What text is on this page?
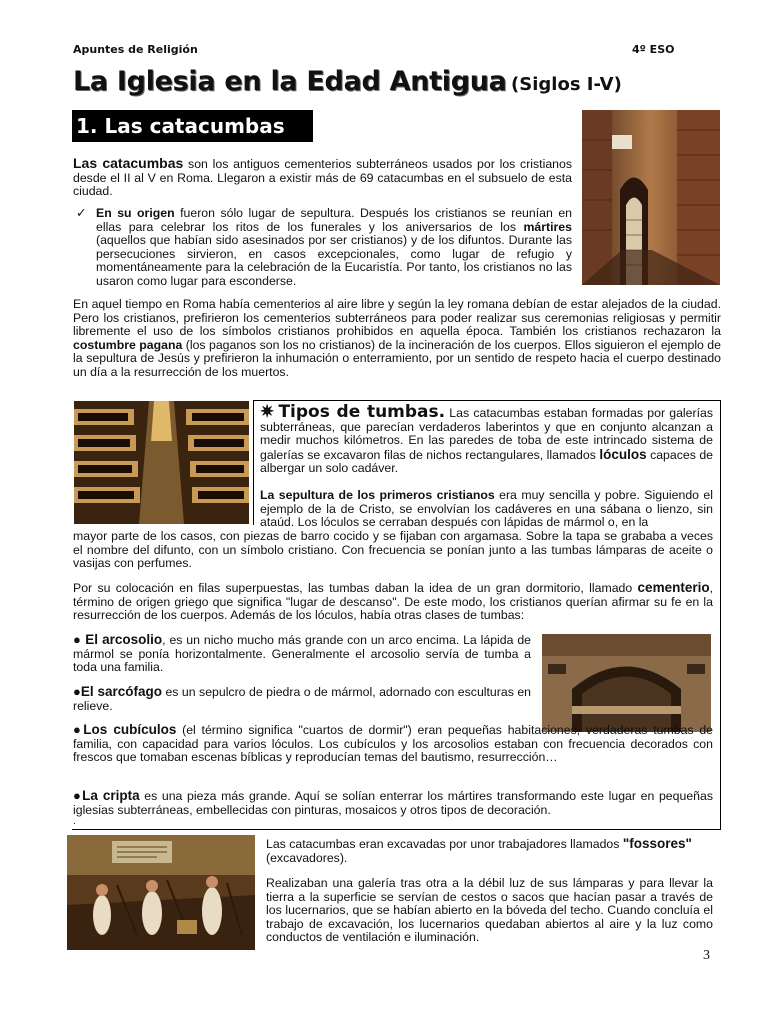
Apuntes de Religión	4º ESO
La Iglesia en la Edad Antigua (Siglos I-V)
1. Las catacumbas
Las catacumbas son los antiguos cementerios subterráneos usados por los cristianos desde el II al V en Roma. Llegaron a existir más de 69 catacumbas en el subsuelo de esta ciudad.
✓ En su origen fueron sólo lugar de sepultura. Después los cristianos se reunían en ellas para celebrar los ritos de los funerales y los aniversarios de los mártires (aquellos que habían sido asesinados por ser cristianos) y de los difuntos. Durante las persecuciones sirvieron, en casos excepcionales, como lugar de refugio y momentáneamente para la celebración de la Eucaristía. Por tanto, los cristianos no las usaron como lugar para esconderse.
En aquel tiempo en Roma había cementerios al aire libre y según la ley romana debían de estar alejados de la ciudad. Pero los cristianos, prefirieron los cementerios subterráneos para poder realizar sus ceremonias religiosas y permitir libremente el uso de los símbolos cristianos prohibidos en aquella época. También los cristianos rechazaron la costumbre pagana (los paganos son los no cristianos) de la incineración de los cuerpos. Ellos siguieron el ejemplo de la sepultura de Jesús y prefirieron la inhumación o enterramiento, por un sentido de respeto hacia el cuerpo destinado un día a la resurrección de los muertos.
✷ Tipos de tumbas. Las catacumbas estaban formadas por galerías subterráneas, que parecían verdaderos laberintos y que en conjunto alcanzan a medir muchos kilómetros. En las paredes de toba de este intrincado sistema de galerías se excavaron filas de nichos rectangulares, llamados lóculos capaces de albergar un solo cadáver.
La sepultura de los primeros cristianos era muy sencilla y pobre. Siguiendo el ejemplo de la de Cristo, se envolvían los cadáveres en una sábana o lienzo, sin ataúd. Los lóculos se cerraban después con lápidas de mármol o, en la
mayor parte de los casos, con piezas de barro cocido y se fijaban con argamasa. Sobre la tapa se grababa a veces el nombre del difunto, con un símbolo cristiano. Con frecuencia se ponían junto a las tumbas lámparas de aceite o vasijas con perfumes.
Por su colocación en filas superpuestas, las tumbas daban la idea de un gran dormitorio, llamado cementerio, término de origen griego que significa "lugar de descanso". De este modo, los cristianos querían afirmar su fe en la resurrección de los cuerpos. Además de los lóculos, había otras clases de tumbas:
● El arcosolio, es un nicho mucho más grande con un arco encima. La lápida de mármol se ponía horizontalmente. Generalmente el arcosolio servía de tumba a toda una familia.
●El sarcófago es un sepulcro de piedra o de mármol, adornado con esculturas en relieve.
●Los cubículos (el término significa "cuartos de dormir") eran pequeñas habitaciones, verdaderas tumbas de familia, con capacidad para varios lóculos. Los cubículos y los arcosolios estaban con frecuencia decorados con frescos que tomaban escenas bíblicas y reproducían temas del bautismo, resurrección…
●La cripta es una pieza más grande. Aquí se solían enterrar los mártires transformando este lugar en pequeñas iglesias subterráneas, embellecidas con pinturas, mosaicos y otros tipos de decoración.
.
Las catacumbas eran excavadas por unor trabajadores llamados "fossores" (excavadores).
Realizaban una galería tras otra a la débil luz de sus lámparas y para llevar la tierra a la superficie se servían de cestos o sacos que hacían pasar a través de los lucernarios, que se habían abierto en la bóveda del techo. Cuando concluía el trabajo de excavación, los lucernarios quedaban abiertos al aire y la luz como conductos de ventilación e iluminación.
3
